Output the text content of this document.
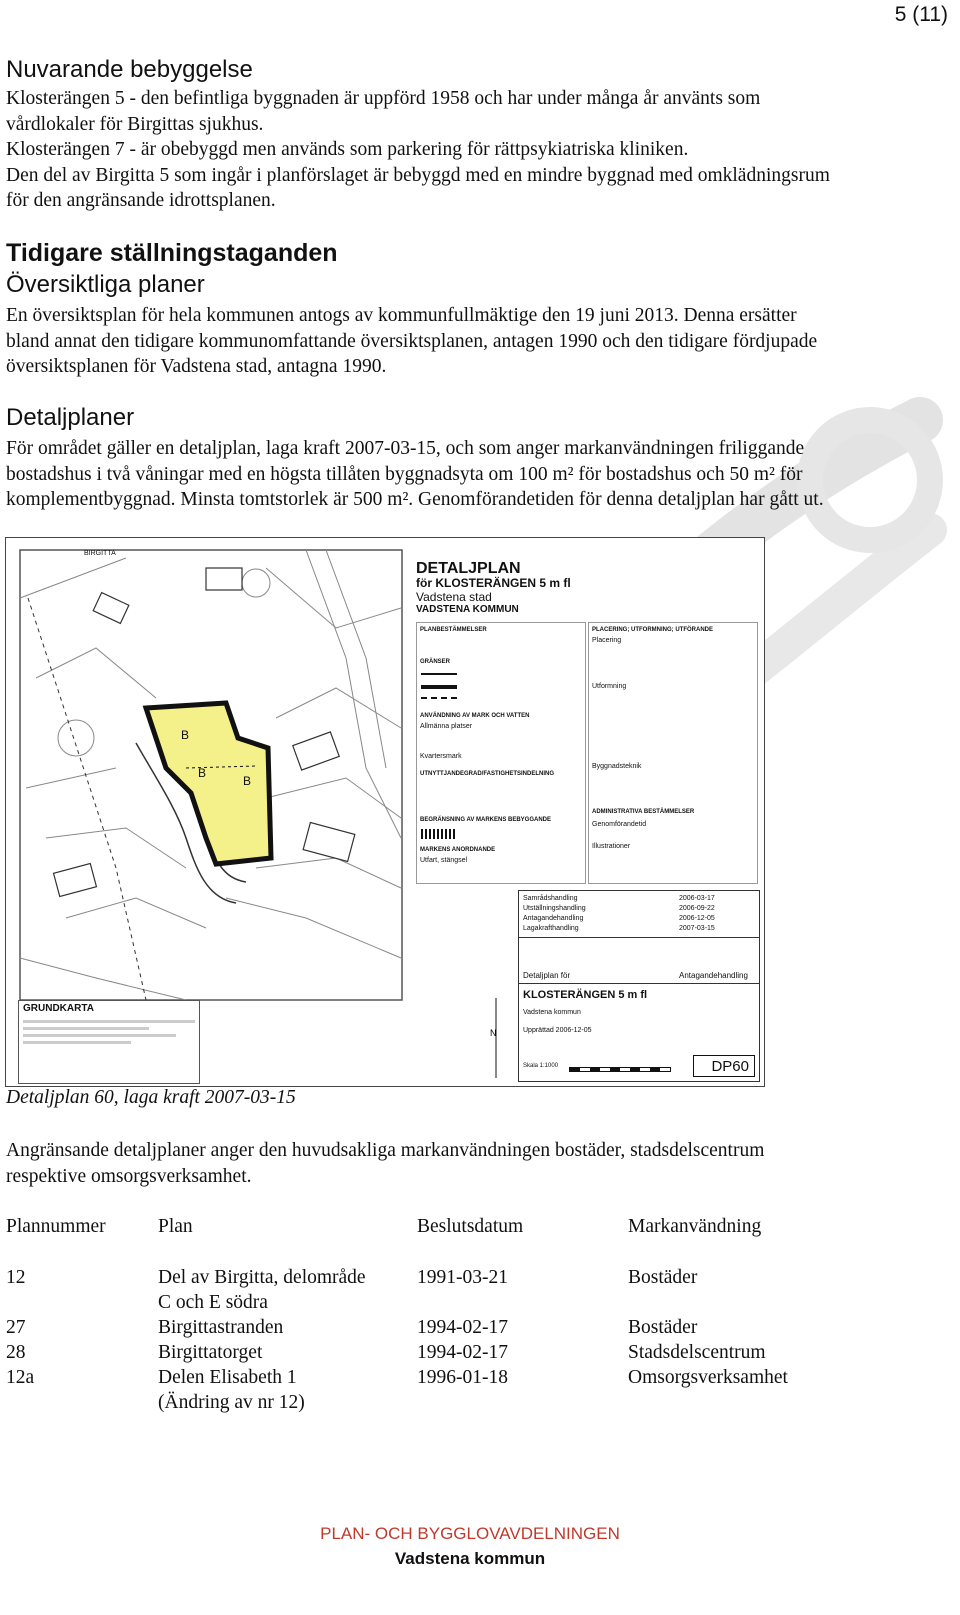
5 (11)
Nuvarande bebyggelse
Klosterängen 5 - den befintliga byggnaden är uppförd 1958 och har under många år använts som
vårdlokaler för Birgittas sjukhus.
Klosterängen 7 - är obebyggd men används som parkering för rättpsykiatriska kliniken.
Den del av Birgitta 5 som ingår i planförslaget är bebyggd med en mindre byggnad med omklädningsrum
för den angränsande idrottsplanen.
Tidigare ställningstaganden
Översiktliga planer
En översiktsplan för hela kommunen antogs av kommunfullmäktige den 19 juni 2013. Denna ersätter
bland annat den tidigare kommunomfattande översiktsplanen, antagen 1990 och den tidigare fördjupade
översiktsplanen för Vadstena stad, antagna 1990.
Detaljplaner
För området gäller en detaljplan, laga kraft 2007-03-15, och som anger markanvändningen friliggande
bostadshus i två våningar med en högsta tillåten byggnadsyta om 100 m² för bostadshus och 50 m² för
komplementbyggnad. Minsta tomtstorlek är 500 m². Genomförandetiden för denna detaljplan har gått ut.
BIRGITTA
B
B
B
GRUNDKARTA
DETALJPLAN
för KLOSTERÄNGEN 5 m fl
Vadstena stad
VADSTENA KOMMUN
PLANBESTÄMMELSER
GRÄNSER
ANVÄNDNING AV MARK OCH VATTEN
Allmänna platser
Kvartersmark
UTNYTTJANDEGRAD/FASTIGHETSINDELNING
BEGRÄNSNING AV MARKENS BEBYGGANDE
MARKENS ANORDNANDE
Utfart, stängsel
PLACERING; UTFORMNING; UTFÖRANDE
Placering
Utformning
Byggnadsteknik
ADMINISTRATIVA BESTÄMMELSER
Genomförandetid
Illustrationer
Samrådshandling	2006-03-17
Utställningshandling	2006-09-22
Antagandehandling	2006-12-05
Lagakrafthandling	2007-03-15
Detaljplan för	Antagandehandling
KLOSTERÄNGEN 5 m fl
Vadstena kommun
Upprättad 2006-12-05
Skala 1:1000	DP60
N
Detaljplan 60, laga kraft 2007-03-15
Angränsande detaljplaner anger den huvudsakliga markanvändningen bostäder, stadsdelscentrum
respektive omsorgsverksamhet.
Plannummer	Plan	Beslutsdatum	Markanvändning
12	Del av Birgitta, delområde	1991-03-21	Bostäder
C och E södra
27	Birgittastranden	1994-02-17	Bostäder
28	Birgittatorget	1994-02-17	Stadsdelscentrum
12a	Delen Elisabeth 1	1996-01-18	Omsorgsverksamhet
(Ändring av nr 12)
PLAN- OCH BYGGLOVAVDELNINGEN
Vadstena kommun
